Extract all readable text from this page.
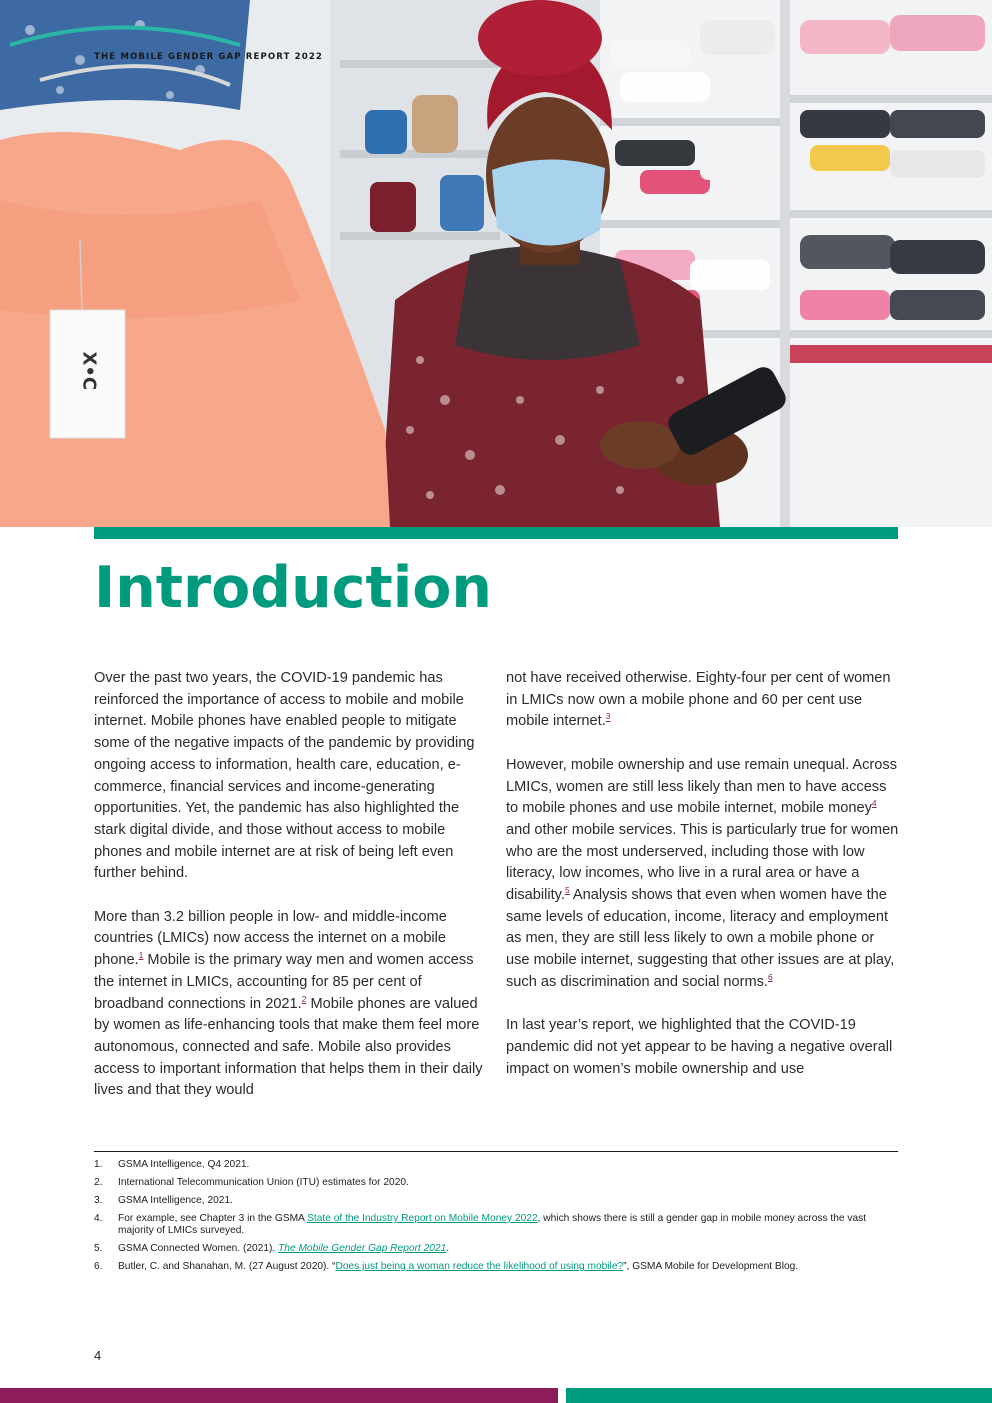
X•C
THE MOBILE GENDER GAP REPORT 2022
Introduction

Over the past two years, the COVID-19 pandemic has reinforced the importance of access to mobile and mobile internet. Mobile phones have enabled people to mitigate some of the negative impacts of the pandemic by providing ongoing access to information, health care, education, e-commerce, financial services and income-generating opportunities. Yet, the pandemic has also highlighted the stark digital divide, and those without access to mobile phones and mobile internet are at risk of being left even further behind.

More than 3.2 billion people in low- and middle-income countries (LMICs) now access the internet on a mobile phone.$^1$ Mobile is the primary way men and women access the internet in LMICs, accounting for 85 per cent of broadband connections in 2021.$^2$ Mobile phones are valued by women as life-enhancing tools that make them feel more autonomous, connected and safe. Mobile also provides access to important information that helps them in their daily lives and that they would

not have received otherwise. Eighty-four per cent of women in LMICs now own a mobile phone and 60 per cent use mobile internet.$^3$

However, mobile ownership and use remain unequal. Across LMICs, women are still less likely than men to have access to mobile phones and use mobile internet, mobile money$^4$ and other mobile services. This is particularly true for women who are the most underserved, including those with low literacy, low incomes, who live in a rural area or have a disability.$^5$ Analysis shows that even when women have the same levels of education, income, literacy and employment as men, they are still less likely to own a mobile phone or use mobile internet, suggesting that other issues are at play, such as discrimination and social norms.$^6$

In last year’s report, we highlighted that the COVID-19 pandemic did not yet appear to be having a negative overall impact on women’s mobile ownership and use

1. GSMA Intelligence, Q4 2021.
2. International Telecommunication Union (ITU) estimates for 2020.
3. GSMA Intelligence, 2021.
4. For example, see Chapter 3 in the GSMA State of the Industry Report on Mobile Money 2022, which shows there is still a gender gap in mobile money across the vast majority of LMICs surveyed.
5. GSMA Connected Women. (2021). The Mobile Gender Gap Report 2021.
6. Butler, C. and Shanahan, M. (27 August 2020). “Does just being a woman reduce the likelihood of using mobile?”, GSMA Mobile for Development Blog.
4
